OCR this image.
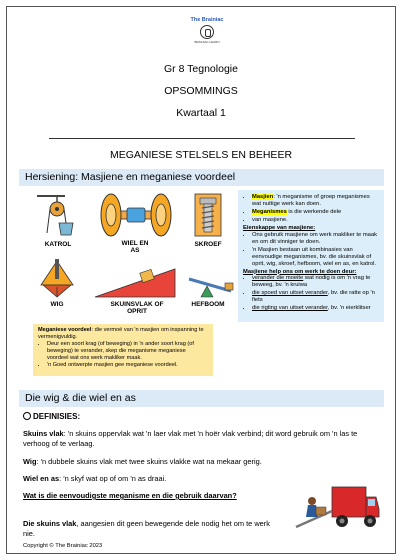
The Brainiac
BRAINIAC LEARN
Gr 8 Tegnologie
OPSOMMINGS
Kwartaal 1
MEGANIESE STELSELS EN BEHEER
Hersiening: Masjiene en meganiese voordeel
KATROL	WIEL EN
AS
SKROEF
WIG	SKUINSVLAK OF
OPRIT
HEFBOOM
• Masjien: 'n meganisme of groep meganismes wat nuttige werk kan doen.
• Meganismes is die werkende dele
• van masjiene.
Eienskappe van masjiene:
• Ons gebruik masjiene om werk makliker te maak en om dit vinniger te doen.
• 'n Masjien bestaan uit kombinasies van eenvoudige meganismes, bv. die skuinsvlak of oprit, wig, skroef, hefboom, wiel en as, en katrol.
Masjiene help ons om werk te doen deur:
• verander die moeite wat nodig is om 'n vrag te beweeg, bv. 'n kruiwa
• die spoed van uitset verander, bv. die ratte op 'n fiets
• die rigting van uitset verander, bv. 'n eierklitser
Meganiese voordeel: die vermoë van 'n masjien om inspanning te vermenigvuldig.
• Deur een soort krag (of beweging) in 'n ander soort krag (of beweging) te verander, skep die meganisme meganiese voordeel wat ons werk makliker maak.
• 'n Goed ontwerpte masjien gee meganiese voordeel.
Die wig & die wiel en as
DEFINISIES:
Skuins vlak: 'n skuins oppervlak wat 'n laer vlak met 'n hoër vlak verbind; dit word gebruik om 'n las te verhoog of te verlaag.
Wig: 'n dubbele skuins vlak met twee skuins vlakke wat na mekaar gerig.
Wiel en as: 'n skyf wat op of om 'n as draai.
Wat is die eenvoudigste meganisme en die gebruik daarvan?
Die skuins vlak, aangesien dit geen bewegende dele nodig het om te werk nie.
Copyright © The Brainiac 2023
